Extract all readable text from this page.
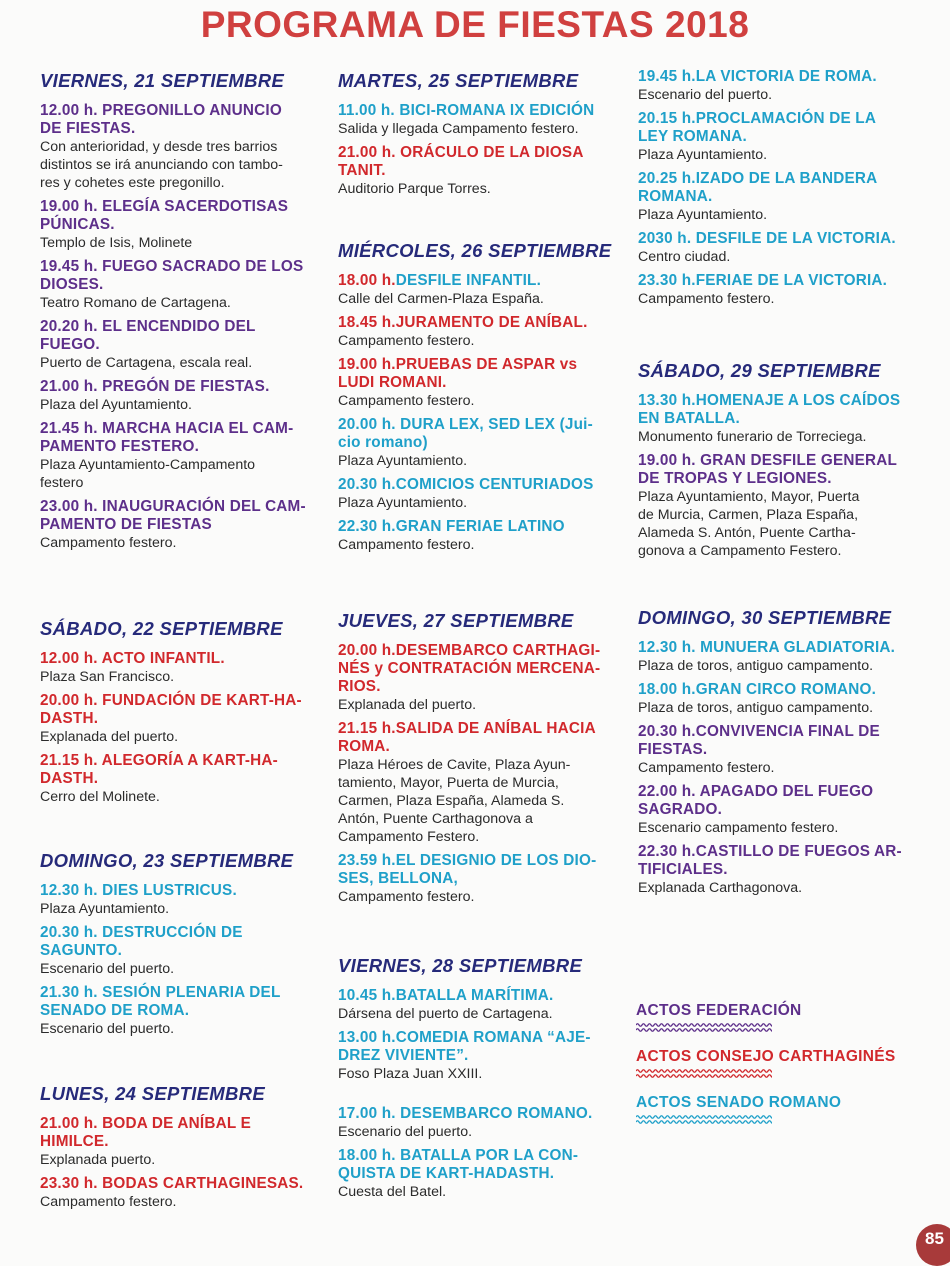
PROGRAMA DE FIESTAS 2018
VIERNES, 21 SEPTIEMBRE
12.00 h. PREGONILLO ANUNCIO
DE FIESTAS.
Con anterioridad, y desde tres barrios
distintos se irá anunciando con tambo-
res y cohetes este pregonillo.
19.00 h. ELEGÍA SACERDOTISAS
PÚNICAS.
Templo de Isis, Molinete
19.45 h. FUEGO SACRADO DE LOS
DIOSES.
Teatro Romano de Cartagena.
20.20 h. EL ENCENDIDO DEL
FUEGO.
Puerto de Cartagena, escala real.
21.00 h. PREGÓN DE FIESTAS.
Plaza del Ayuntamiento.
21.45 h. MARCHA HACIA EL CAM-
PAMENTO FESTERO.
Plaza Ayuntamiento-Campamento
festero
23.00 h. INAUGURACIÓN DEL CAM-
PAMENTO DE FIESTAS
Campamento festero.
SÁBADO, 22 SEPTIEMBRE
12.00 h. ACTO INFANTIL.
Plaza San Francisco.
20.00 h. FUNDACIÓN DE KART-HA-
DASTH.
Explanada del puerto.
21.15 h. ALEGORÍA A KART-HA-
DASTH.
Cerro del Molinete.
DOMINGO, 23 SEPTIEMBRE
12.30 h. DIES LUSTRICUS.
Plaza Ayuntamiento.
20.30 h. DESTRUCCIÓN DE
SAGUNTO.
Escenario del puerto.
21.30 h. SESIÓN PLENARIA DEL
SENADO DE ROMA.
Escenario del puerto.
LUNES, 24 SEPTIEMBRE
21.00 h. BODA DE ANÍBAL E
HIMILCE.
Explanada puerto.
23.30 h. BODAS CARTHAGINESAS.
Campamento festero.
MARTES, 25 SEPTIEMBRE
11.00 h. BICI-ROMANA IX EDICIÓN
Salida y llegada Campamento festero.
21.00 h. ORÁCULO DE LA DIOSA
TANIT.
Auditorio Parque Torres.
MIÉRCOLES, 26 SEPTIEMBRE
18.00 h.DESFILE INFANTIL.
Calle del Carmen-Plaza España.
18.45 h.JURAMENTO DE ANÍBAL.
Campamento festero.
19.00 h.PRUEBAS DE ASPAR vs
LUDI ROMANI.
Campamento festero.
20.00 h. DURA LEX, SED LEX (Jui-
cio romano)
Plaza Ayuntamiento.
20.30 h.COMICIOS CENTURIADOS
Plaza Ayuntamiento.
22.30 h.GRAN FERIAE LATINO
Campamento festero.
JUEVES, 27 SEPTIEMBRE
20.00 h.DESEMBARCO CARTHAGI-
NÉS y CONTRATACIÓN MERCENA-
RIOS.
Explanada del puerto.
21.15 h.SALIDA DE ANÍBAL HACIA
ROMA.
Plaza Héroes de Cavite, Plaza Ayun-
tamiento, Mayor, Puerta de Murcia,
Carmen, Plaza España, Alameda S.
Antón, Puente Carthagonova a
Campamento Festero.
23.59 h.EL DESIGNIO DE LOS DIO-
SES, BELLONA,
Campamento festero.
VIERNES, 28 SEPTIEMBRE
10.45 h.BATALLA MARÍTIMA.
Dársena del puerto de Cartagena.
13.00 h.COMEDIA ROMANA “AJE-
DREZ VIVIENTE”.
Foso Plaza Juan XXIII.
17.00 h. DESEMBARCO ROMANO.
Escenario del puerto.
18.00 h. BATALLA POR LA CON-
QUISTA DE KART-HADASTH.
Cuesta del Batel.
19.45 h.LA VICTORIA DE ROMA.
Escenario del puerto.
20.15 h.PROCLAMACIÓN DE LA
LEY ROMANA.
Plaza Ayuntamiento.
20.25 h.IZADO DE LA BANDERA
ROMANA.
Plaza Ayuntamiento.
2030 h. DESFILE DE LA VICTORIA.
Centro ciudad.
23.30 h.FERIAE DE LA VICTORIA.
Campamento festero.
SÁBADO, 29 SEPTIEMBRE
13.30 h.HOMENAJE A LOS CAÍDOS
EN BATALLA.
Monumento funerario de Torreciega.
19.00 h. GRAN DESFILE GENERAL
DE TROPAS Y LEGIONES.
Plaza Ayuntamiento, Mayor, Puerta
de Murcia, Carmen, Plaza España,
Alameda S. Antón, Puente Cartha-
gonova a Campamento Festero.
DOMINGO, 30 SEPTIEMBRE
12.30 h. MUNUERA GLADIATORIA.
Plaza de toros, antiguo campamento.
18.00 h.GRAN CIRCO ROMANO.
Plaza de toros, antiguo campamento.
20.30 h.CONVIVENCIA FINAL DE
FIESTAS.
Campamento festero.
22.00 h. APAGADO DEL FUEGO
SAGRADO.
Escenario campamento festero.
22.30 h.CASTILLO DE FUEGOS AR-
TIFICIALES.
Explanada Carthagonova.
ACTOS FEDERACIÓN
ACTOS CONSEJO CARTHAGINÉS
ACTOS SENADO ROMANO
85
